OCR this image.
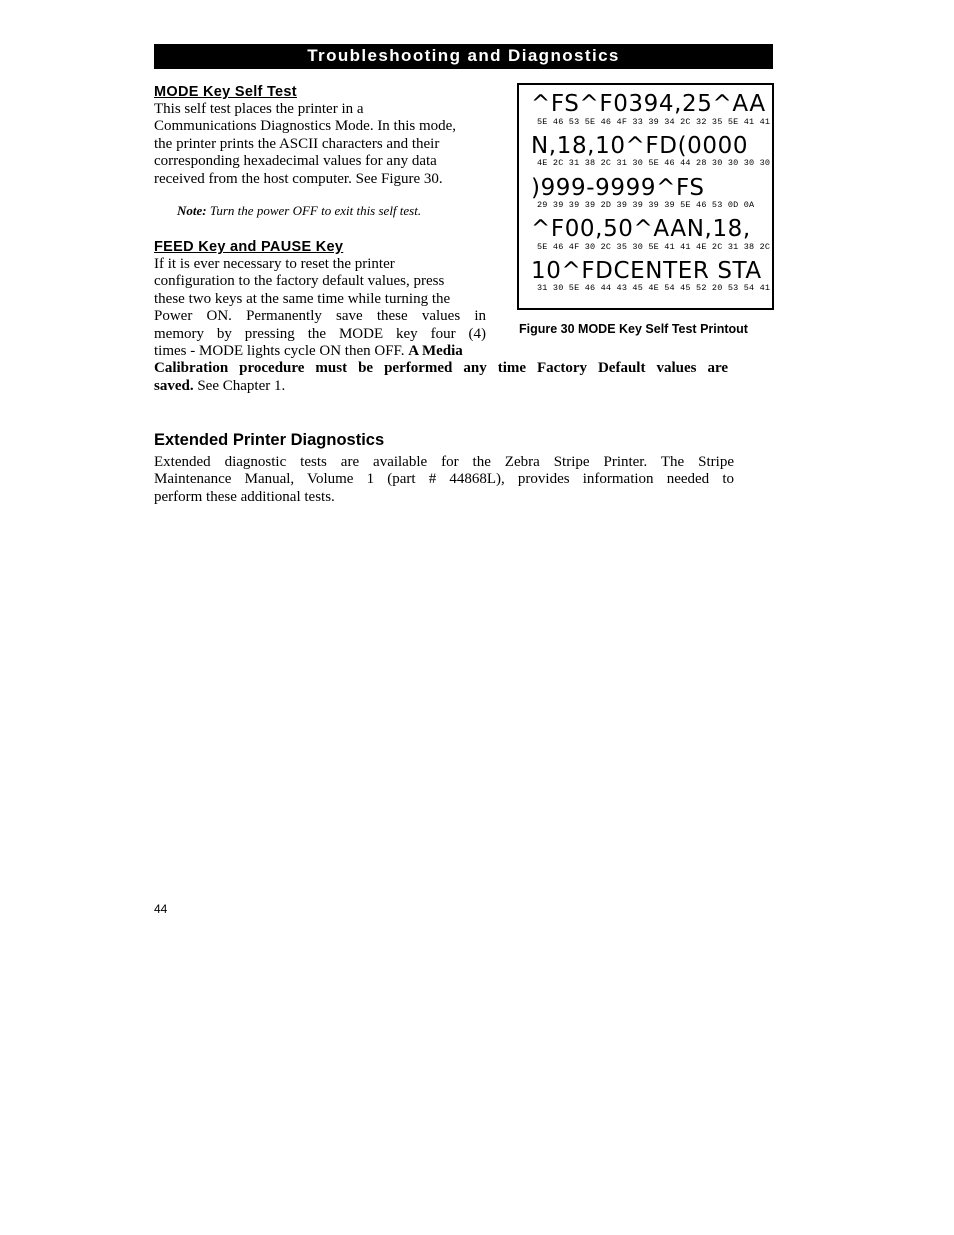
Troubleshooting and Diagnostics
MODE Key Self Test
This self test places the printer in a
Communications Diagnostics Mode. In this mode,
the printer prints the ASCII characters and their
corresponding hexadecimal values for any data
received from the host computer. See Figure 30.
Note: Turn the power OFF to exit this self test.
FEED Key and PAUSE Key
If it is ever necessary to reset the printer
configuration to the factory default values, press
these two keys at the same time while turning the
Power ON. Permanently save these values in
memory by pressing the MODE key four (4)
times - MODE lights cycle ON then OFF. A Media
Calibration procedure must be performed any time Factory Default values are
saved. See Chapter 1.
^FS^F0394,25^AA
5E 46 53 5E 46 4F 33 39 34 2C 32 35 5E 41 41
N,18,10^FD(0000
4E 2C 31 38 2C 31 30 5E 46 44 28 30 30 30 30
)999-9999^FS
29 39 39 39 2D 39 39 39 39 5E 46 53 0D 0A
^F00,50^AAN,18,
5E 46 4F 30 2C 35 30 5E 41 41 4E 2C 31 38 2C
10^FDCENTER STA
31 30 5E 46 44 43 45 4E 54 45 52 20 53 54 41
Figure 30 MODE Key Self Test Printout
Extended Printer Diagnostics
Extended diagnostic tests are available for the Zebra Stripe Printer. The Stripe
Maintenance Manual, Volume 1 (part # 44868L), provides information needed to
perform these additional tests.
44
